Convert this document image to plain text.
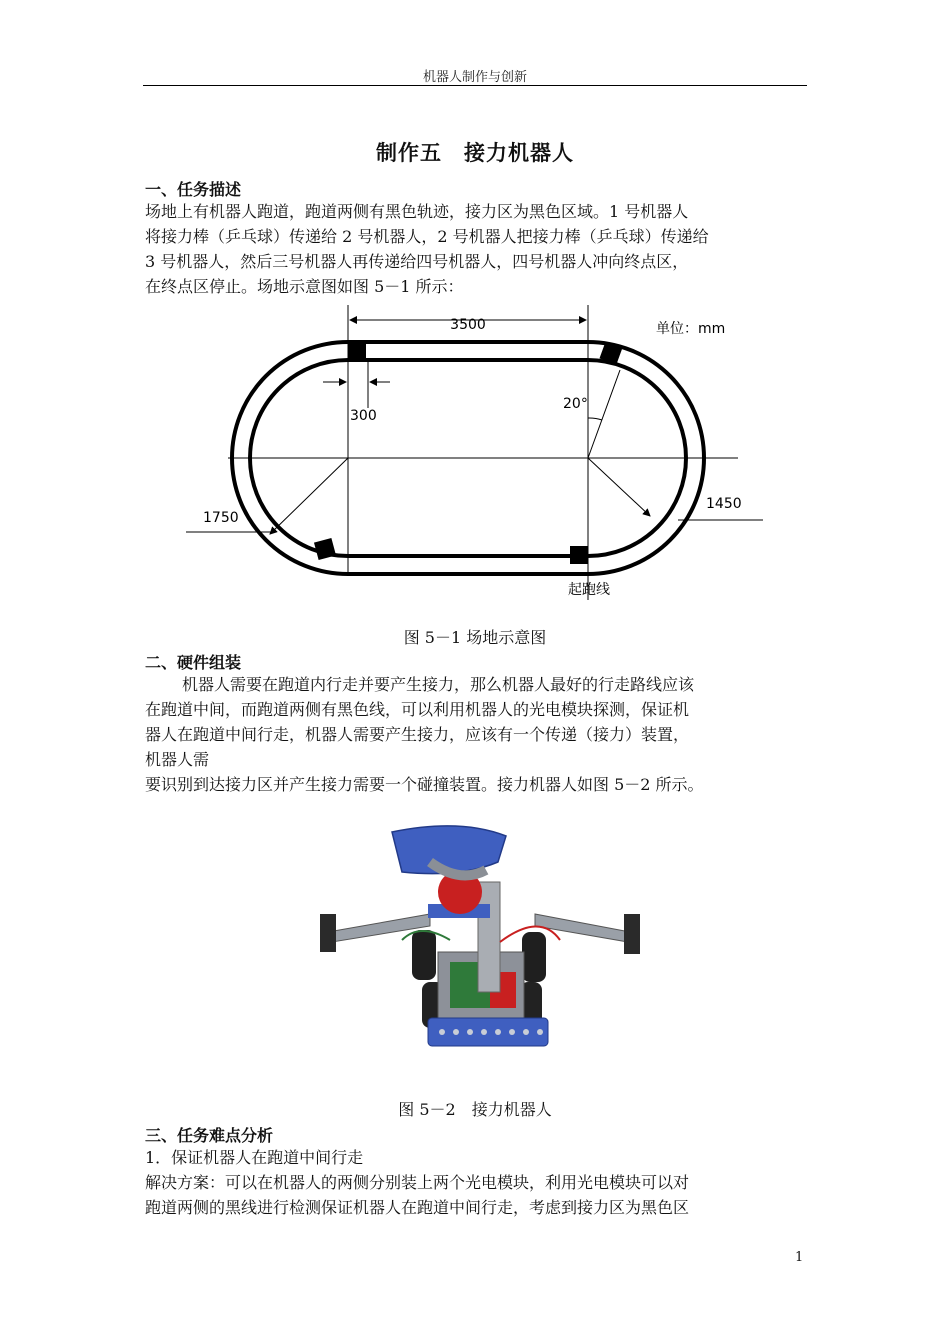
机器人制作与创新
制作五　接力机器人
一、任务描述
场地上有机器人跑道，跑道两侧有黑色轨迹，接力区为黑色区域。1 号机器人
将接力棒（乒乓球）传递给 2 号机器人，2 号机器人把接力棒（乒乓球）传递给
3 号机器人，然后三号机器人再传递给四号机器人，四号机器人冲向终点区，
在终点区停止。场地示意图如图 5－1 所示：
3500	单位：mm
300
20°
1750
1450
起跑线
图 5－1 场地示意图
二、硬件组装
机器人需要在跑道内行走并要产生接力，那么机器人最好的行走路线应该
在跑道中间，而跑道两侧有黑色线，可以利用机器人的光电模块探测，保证机
器人在跑道中间行走，机器人需要产生接力，应该有一个传递（接力）装置，
机器人需
要识别到达接力区并产生接力需要一个碰撞装置。接力机器人如图 5－2 所示。
图 5－2　接力机器人
三、任务难点分析
1．保证机器人在跑道中间行走
解决方案：可以在机器人的两侧分别装上两个光电模块，利用光电模块可以对
跑道两侧的黑线进行检测保证机器人在跑道中间行走，考虑到接力区为黑色区
1
